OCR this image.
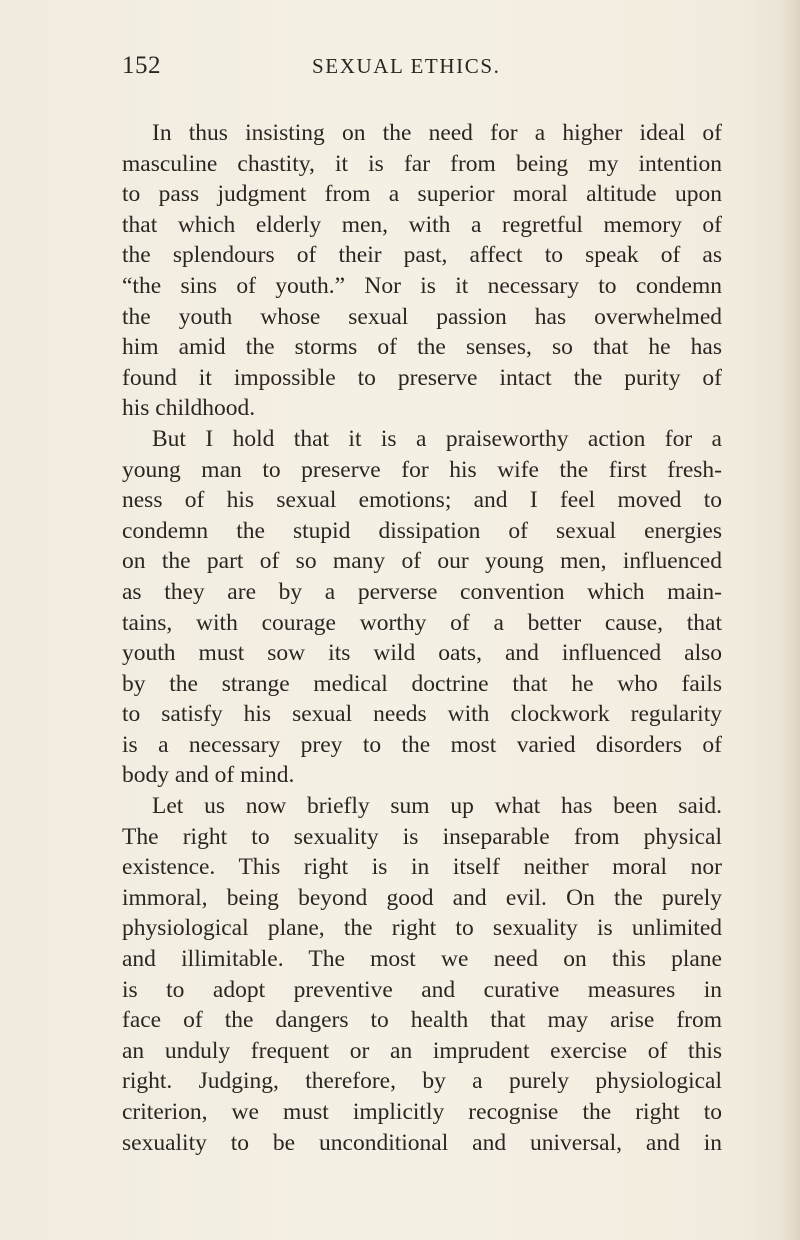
152	SEXUAL ETHICS.
In thus insisting on the need for a higher ideal of
masculine chastity, it is far from being my intention
to pass judgment from a superior moral altitude upon
that which elderly men, with a regretful memory of
the splendours of their past, affect to speak of as
“the sins of youth.” Nor is it necessary to condemn
the youth whose sexual passion has overwhelmed
him amid the storms of the senses, so that he has
found it impossible to preserve intact the purity of
his childhood.
But I hold that it is a praiseworthy action for a
young man to preserve for his wife the first fresh-
ness of his sexual emotions; and I feel moved to
condemn the stupid dissipation of sexual energies
on the part of so many of our young men, influenced
as they are by a perverse convention which main-
tains, with courage worthy of a better cause, that
youth must sow its wild oats, and influenced also
by the strange medical doctrine that he who fails
to satisfy his sexual needs with clockwork regularity
is a necessary prey to the most varied disorders of
body and of mind.
Let us now briefly sum up what has been said.
The right to sexuality is inseparable from physical
existence. This right is in itself neither moral nor
immoral, being beyond good and evil. On the purely
physiological plane, the right to sexuality is unlimited
and illimitable. The most we need on this plane
is to adopt preventive and curative measures in
face of the dangers to health that may arise from
an unduly frequent or an imprudent exercise of this
right. Judging, therefore, by a purely physiological
criterion, we must implicitly recognise the right to
sexuality to be unconditional and universal, and in
